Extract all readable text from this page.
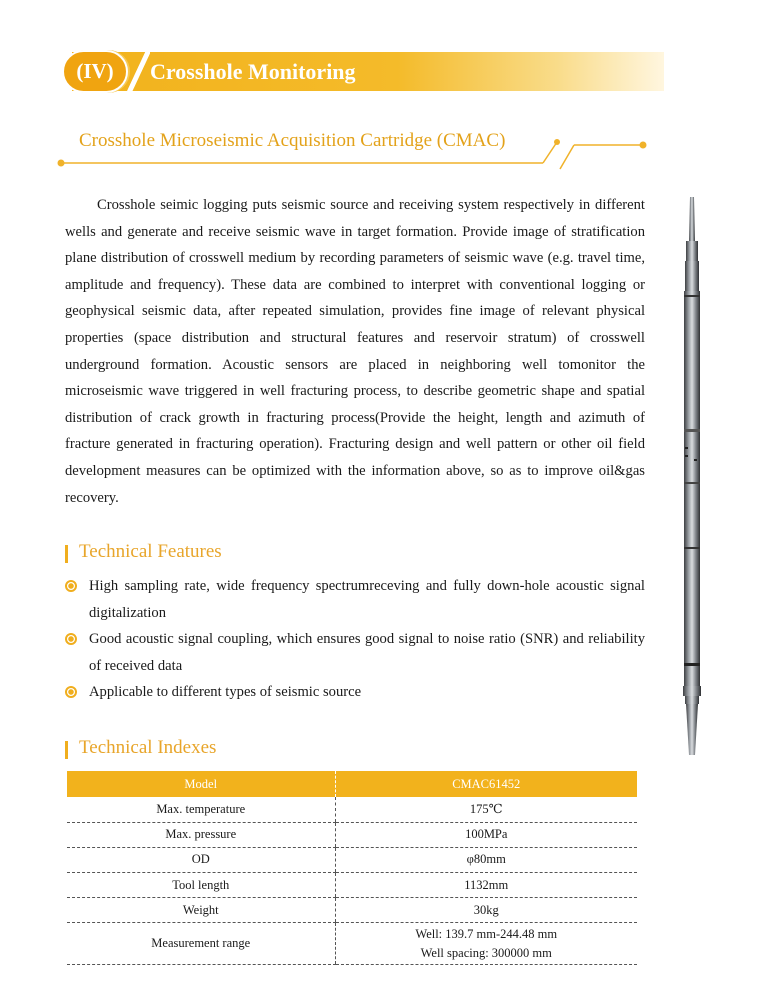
(IV)	Crosshole Monitoring
Crosshole Microseismic Acquisition Cartridge (CMAC)

Crosshole seimic logging puts seismic source and receiving system respectively in different wells and generate and receive seismic wave in target formation. Provide image of stratification plane distribution of crosswell medium by recording parameters of seismic wave (e.g. travel time, amplitude and frequency). These data are combined to interpret with conventional logging or geophysical seismic data, after repeated simulation, provides fine image of relevant physical properties (space distribution and structural features and reservoir stratum) of crosswell underground formation. Acoustic sensors are placed in neighboring well tomonitor the microseismic wave triggered in well fracturing process, to describe geometric shape and spatial distribution of crack growth in fracturing process(Provide the height, length and azimuth of fracture generated in fracturing operation). Fracturing design and well pattern or other oil field development measures can be optimized with the information above, so as to improve oil&gas recovery.

Technical Features
High sampling rate, wide frequency spectrumreceving and fully down-hole acoustic signal digitalization
Good acoustic signal coupling, which ensures good signal to noise ratio (SNR) and reliability of received data
Applicable to different types of seismic source
Technical Indexes
Model	CMAC61452
Max. temperature	175℃
Max. pressure	100MPa
OD	φ80mm
Tool length	1132mm
Weight	30kg
Measurement range	Well: 139.7 mm-244.48 mm
Well spacing: 300000 mm
